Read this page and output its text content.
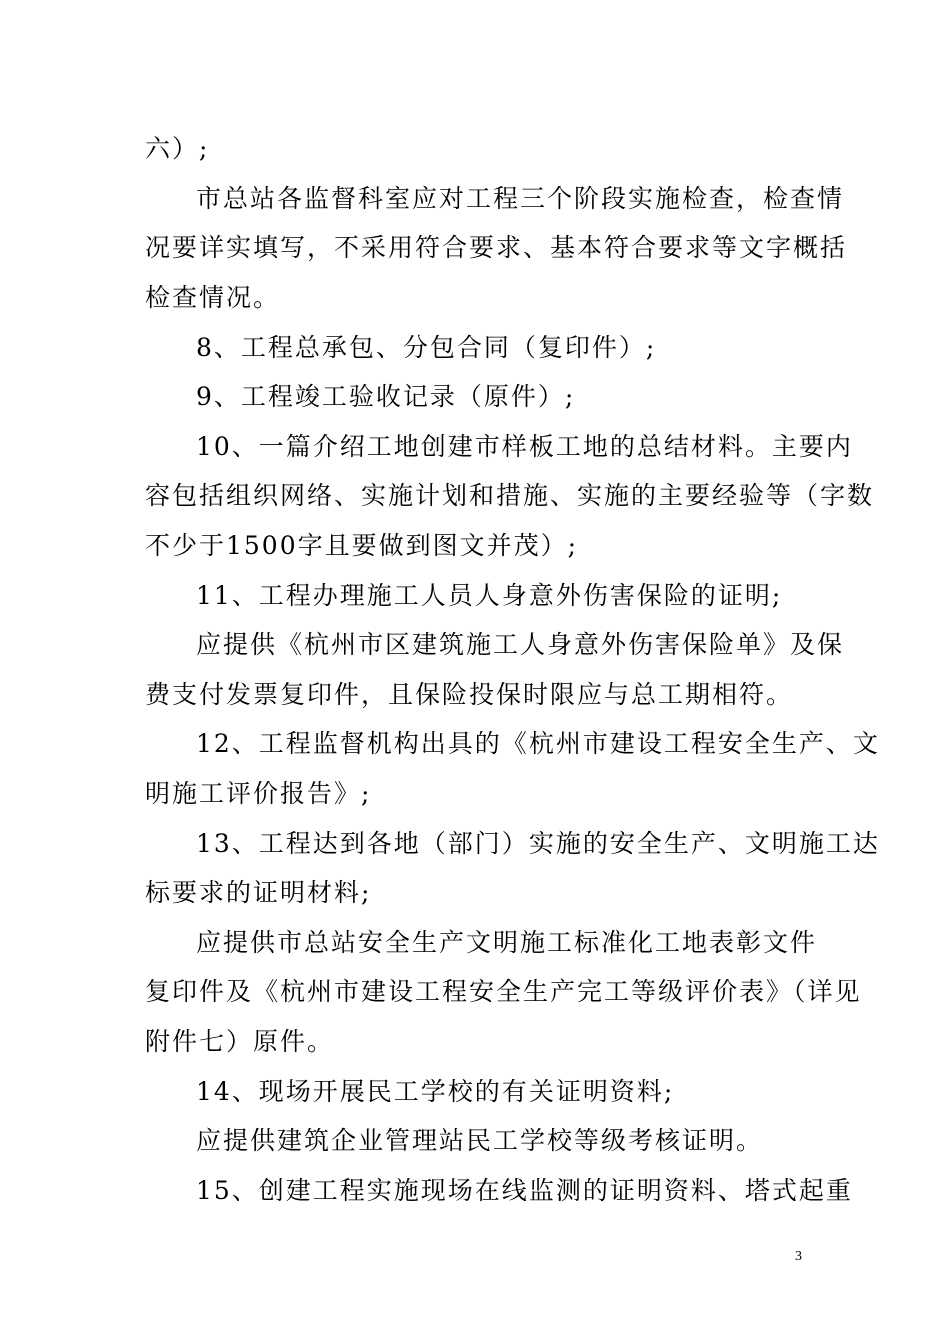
六）;
市总站各监督科室应对工程三个阶段实施检查，检查情
况要详实填写，不采用符合要求、基本符合要求等文字概括
检查情况。
8、工程总承包、分包合同（复印件）;
9、工程竣工验收记录（原件）;
10、一篇介绍工地创建市样板工地的总结材料。主要内
容包括组织网络、实施计划和措施、实施的主要经验等（字数
不少于1500字且要做到图文并茂）;
11、工程办理施工人员人身意外伤害保险的证明;
应提供《杭州市区建筑施工人身意外伤害保险单》及保
费支付发票复印件，且保险投保时限应与总工期相符。
12、工程监督机构出具的《杭州市建设工程安全生产、文
明施工评价报告》;
13、工程达到各地（部门）实施的安全生产、文明施工达
标要求的证明材料;
应提供市总站安全生产文明施工标准化工地表彰文件
复印件及《杭州市建设工程安全生产完工等级评价表》（详见
附件七）原件。
14、现场开展民工学校的有关证明资料;
应提供建筑企业管理站民工学校等级考核证明。
15、创建工程实施现场在线监测的证明资料、塔式起重
3
